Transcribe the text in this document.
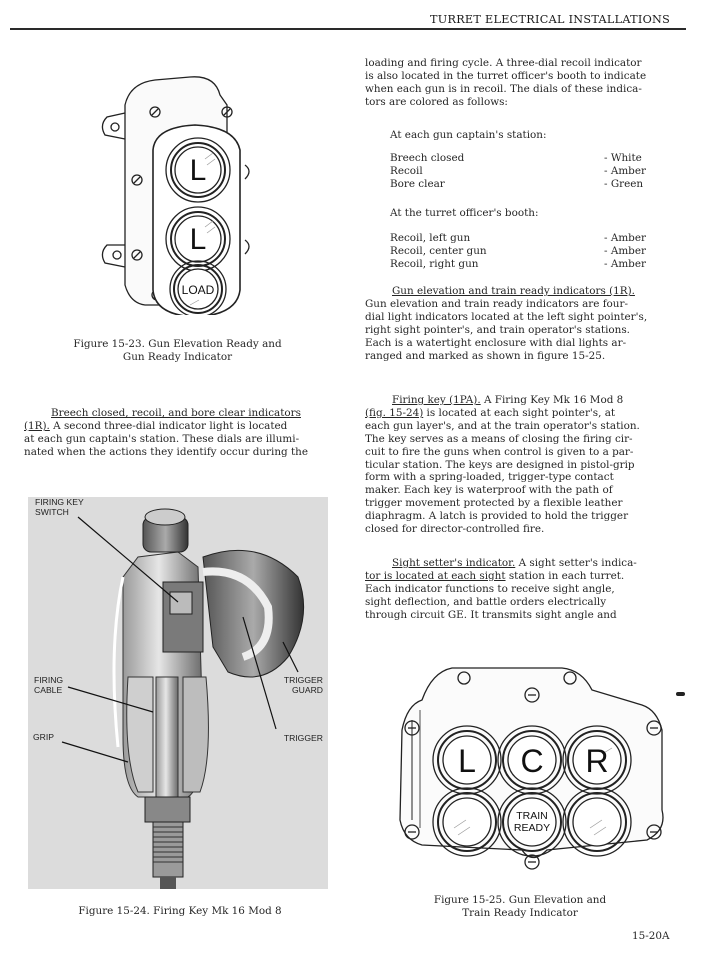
TURRET ELECTRICAL INSTALLATIONS
L
L
LOAD
Figure 15-23. Gun Elevation Ready and
Gun Ready Indicator
Breech closed, recoil, and bore clear indicators
(1R). A second three-dial indicator light is located
at each gun captain's station. These dials are illumi-
nated when the actions they identify occur during the
FIRING KEY
SWITCH
FIRING
CABLE
GRIP
TRIGGER
GUARD
TRIGGER
Figure 15-24. Firing Key Mk 16 Mod 8
loading and firing cycle. A three-dial recoil indicator
is also located in the turret officer's booth to indicate
when each gun is in recoil. The dials of these indica-
tors are colored as follows:
At each gun captain's station:
Breech closed	- White
Recoil	- Amber
Bore clear	- Green
At the turret officer's booth:
Recoil, left gun	- Amber
Recoil, center gun	- Amber
Recoil, right gun	- Amber
Gun elevation and train ready indicators (1R).
Gun elevation and train ready indicators are four-
dial light indicators located at the left sight pointer's,
right sight pointer's, and train operator's stations.
Each is a watertight enclosure with dial lights ar-
ranged and marked as shown in figure 15-25.
Firing key (1PA). A Firing Key Mk 16 Mod 8
(fig. 15-24) is located at each sight pointer's, at
each gun layer's, and at the train operator's station.
The key serves as a means of closing the firing cir-
cuit to fire the guns when control is given to a par-
ticular station. The keys are designed in pistol-grip
form with a spring-loaded, trigger-type contact
maker. Each key is waterproof with the path of
trigger movement protected by a flexible leather
diaphragm. A latch is provided to hold the trigger
closed for director-controlled fire.
Sight setter's indicator. A sight setter's indica-
tor is located at each sight station in each turret.
Each indicator functions to receive sight angle,
sight deflection, and battle orders electrically
through circuit GE. It transmits sight angle and
L C R
TRAIN
READY
Figure 15-25. Gun Elevation and
Train Ready Indicator
15-20A
